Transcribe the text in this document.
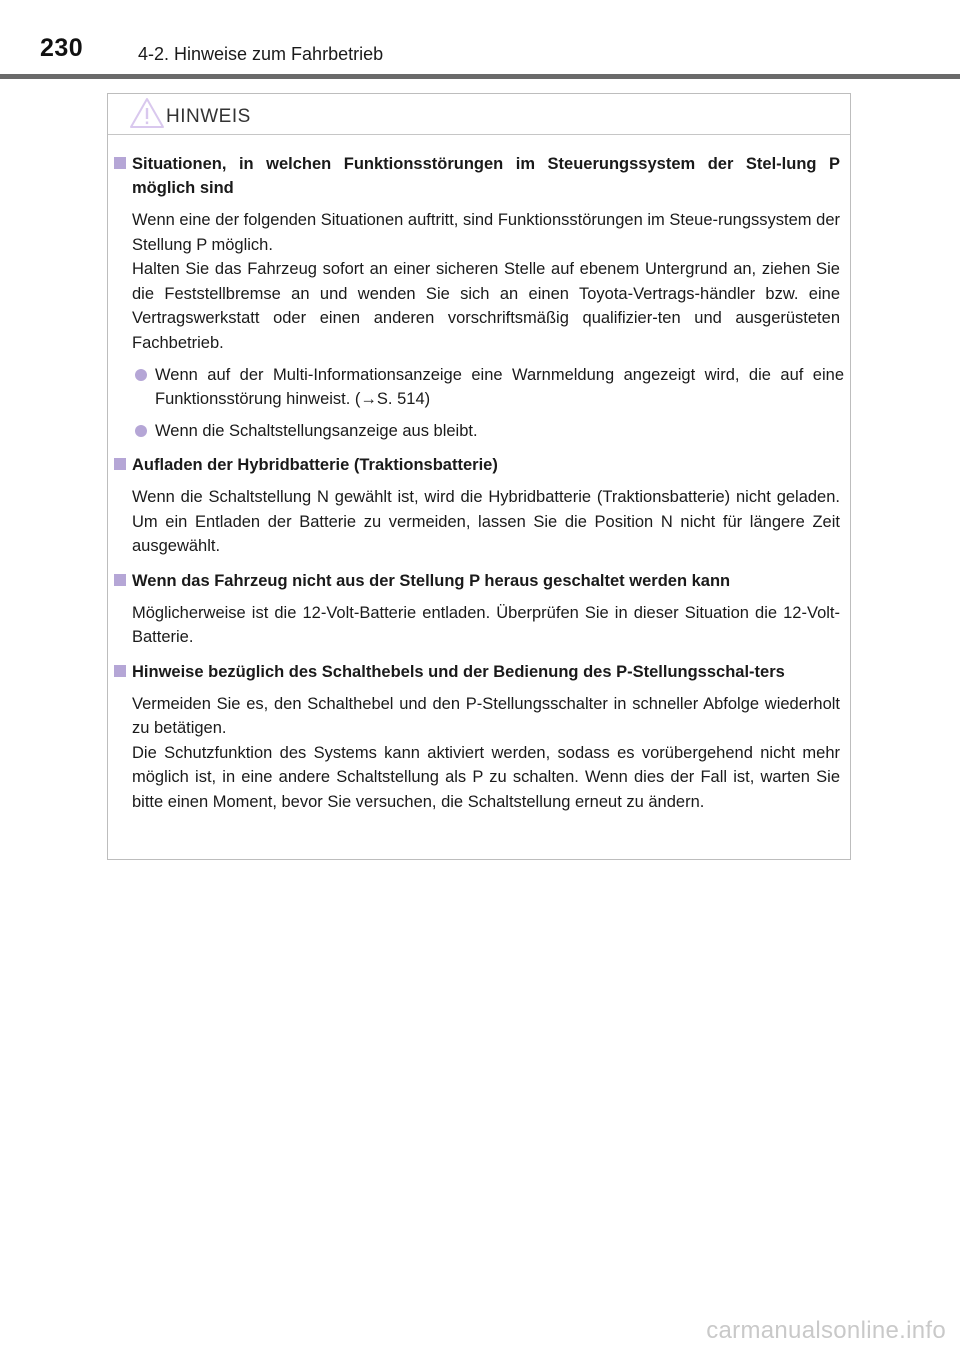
230	4-2. Hinweise zum Fahrbetrieb
HINWEIS
Situationen, in welchen Funktionsstörungen im Steuerungssystem der Stel-lung P möglich sind
Wenn eine der folgenden Situationen auftritt, sind Funktionsstörungen im Steue-rungssystem der Stellung P möglich.
Halten Sie das Fahrzeug sofort an einer sicheren Stelle auf ebenem Untergrund an, ziehen Sie die Feststellbremse an und wenden Sie sich an einen Toyota-Vertrags-händler bzw. eine Vertragswerkstatt oder einen anderen vorschriftsmäßig qualifizier-ten und ausgerüsteten Fachbetrieb.
Wenn auf der Multi-Informationsanzeige eine Warnmeldung angezeigt wird, die auf eine Funktionsstörung hinweist. (→S. 514)
Wenn die Schaltstellungsanzeige aus bleibt.
Aufladen der Hybridbatterie (Traktionsbatterie)
Wenn die Schaltstellung N gewählt ist, wird die Hybridbatterie (Traktionsbatterie) nicht geladen. Um ein Entladen der Batterie zu vermeiden, lassen Sie die Position N nicht für längere Zeit ausgewählt.
Wenn das Fahrzeug nicht aus der Stellung P heraus geschaltet werden kann
Möglicherweise ist die 12-Volt-Batterie entladen. Überprüfen Sie in dieser Situation die 12-Volt-Batterie.
Hinweise bezüglich des Schalthebels und der Bedienung des P-Stellungsschal-ters
Vermeiden Sie es, den Schalthebel und den P-Stellungsschalter in schneller Abfolge wiederholt zu betätigen.
Die Schutzfunktion des Systems kann aktiviert werden, sodass es vorübergehend nicht mehr möglich ist, in eine andere Schaltstellung als P zu schalten. Wenn dies der Fall ist, warten Sie bitte einen Moment, bevor Sie versuchen, die Schaltstellung erneut zu ändern.
carmanualsonline.info
